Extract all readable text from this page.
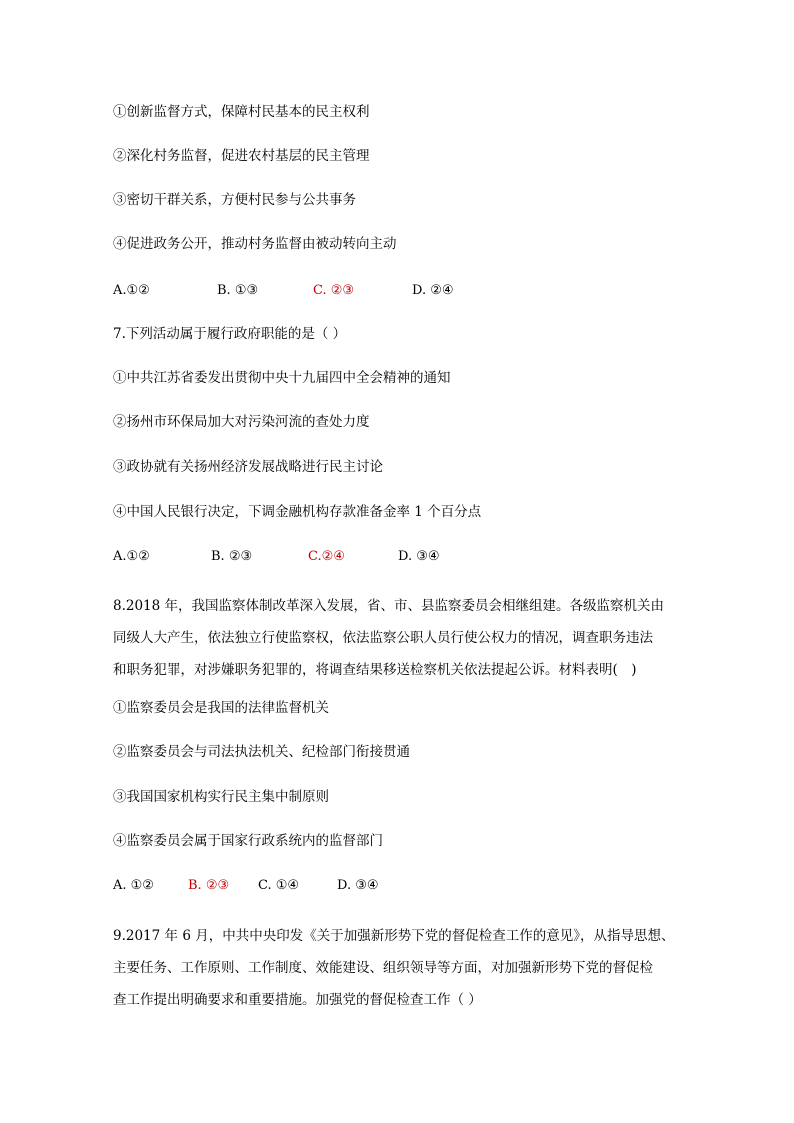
①创新监督方式，保障村民基本的民主权利
②深化村务监督，促进农村基层的民主管理
③密切干群关系，方便村民参与公共事务
④促进政务公开，推动村务监督由被动转向主动
A.①②	B. ①③	C. ②③	D. ②④
7.下列活动属于履行政府职能的是（ ）
①中共江苏省委发出贯彻中央十九届四中全会精神的通知
②扬州市环保局加大对污染河流的查处力度
③政协就有关扬州经济发展战略进行民主讨论
④中国人民银行决定，下调金融机构存款准备金率 1 个百分点
A.①②	B. ②③	C.②④	D. ③④
8.2018 年，我国监察体制改革深入发展，省、市、县监察委员会相继组建。各级监察机关由
同级人大产生，依法独立行使监察权，依法监察公职人员行使公权力的情况，调查职务违法
和职务犯罪，对涉嫌职务犯罪的，将调查结果移送检察机关依法提起公诉。材料表明(　)
①监察委员会是我国的法律监督机关
②监察委员会与司法执法机关、纪检部门衔接贯通
③我国国家机构实行民主集中制原则
④监察委员会属于国家行政系统内的监督部门
A. ①②	B. ②③ C. ①④	D. ③④
9.2017 年 6 月，中共中央印发《关于加强新形势下党的督促检查工作的意见》，从指导思想、
主要任务、工作原则、工作制度、效能建设、组织领导等方面，对加强新形势下党的督促检
查工作提出明确要求和重要措施。加强党的督促检查工作（ ）
